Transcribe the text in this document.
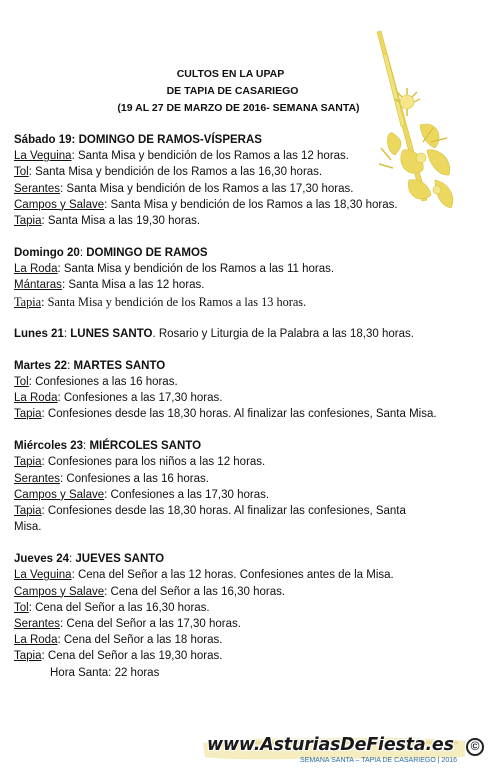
CULTOS EN LA UPAP
DE TAPIA DE CASARIEGO
(19 AL 27 DE MARZO DE 2016- SEMANA SANTA)
Sábado 19: DOMINGO DE RAMOS-VÍSPERAS
La Veguina: Santa Misa y bendición de los Ramos a las 12 horas.
Tol: Santa Misa y bendición de los Ramos a las 16,30 horas.
Serantes: Santa Misa y bendición de los Ramos a las 17,30 horas.
Campos y Salave: Santa Misa y bendición de los Ramos a las 18,30 horas.
Tapia: Santa Misa a las 19,30 horas.
Domingo 20: DOMINGO DE RAMOS
La Roda: Santa Misa y bendición de los Ramos a las 11 horas.
Mántaras: Santa Misa a las 12 horas.
Tapia: Santa Misa y bendición de los Ramos a las 13 horas.
Lunes 21: LUNES SANTO. Rosario y Liturgia de la Palabra a las 18,30 horas.
Martes 22: MARTES SANTO
Tol: Confesiones a las 16 horas.
La Roda: Confesiones a las 17,30 horas.
Tapia: Confesiones desde las 18,30 horas. Al finalizar las confesiones, Santa Misa.
Miércoles 23: MIÉRCOLES SANTO
Tapia: Confesiones para los niños a las 12 horas.
Serantes: Confesiones a las 16 horas.
Campos y Salave: Confesiones a las 17,30 horas.
Tapia: Confesiones desde las 18,30 horas. Al finalizar las confesiones, Santa Misa.
Jueves 24: JUEVES SANTO
La Veguina: Cena del Señor a las 12 horas. Confesiones antes de la Misa.
Campos y Salave: Cena del Señor a las 16,30 horas.
Tol: Cena del Señor a las 16,30 horas.
Serantes: Cena del Señor a las 17,30 horas.
La Roda: Cena del Señor a las 18 horas.
Tapia: Cena del Señor a las 19,30 horas.
Hora Santa: 22 horas
www.AsturiasDeFiesta.es	©
SEMANA SANTA – TAPIA DE CASARIEGO | 2016
